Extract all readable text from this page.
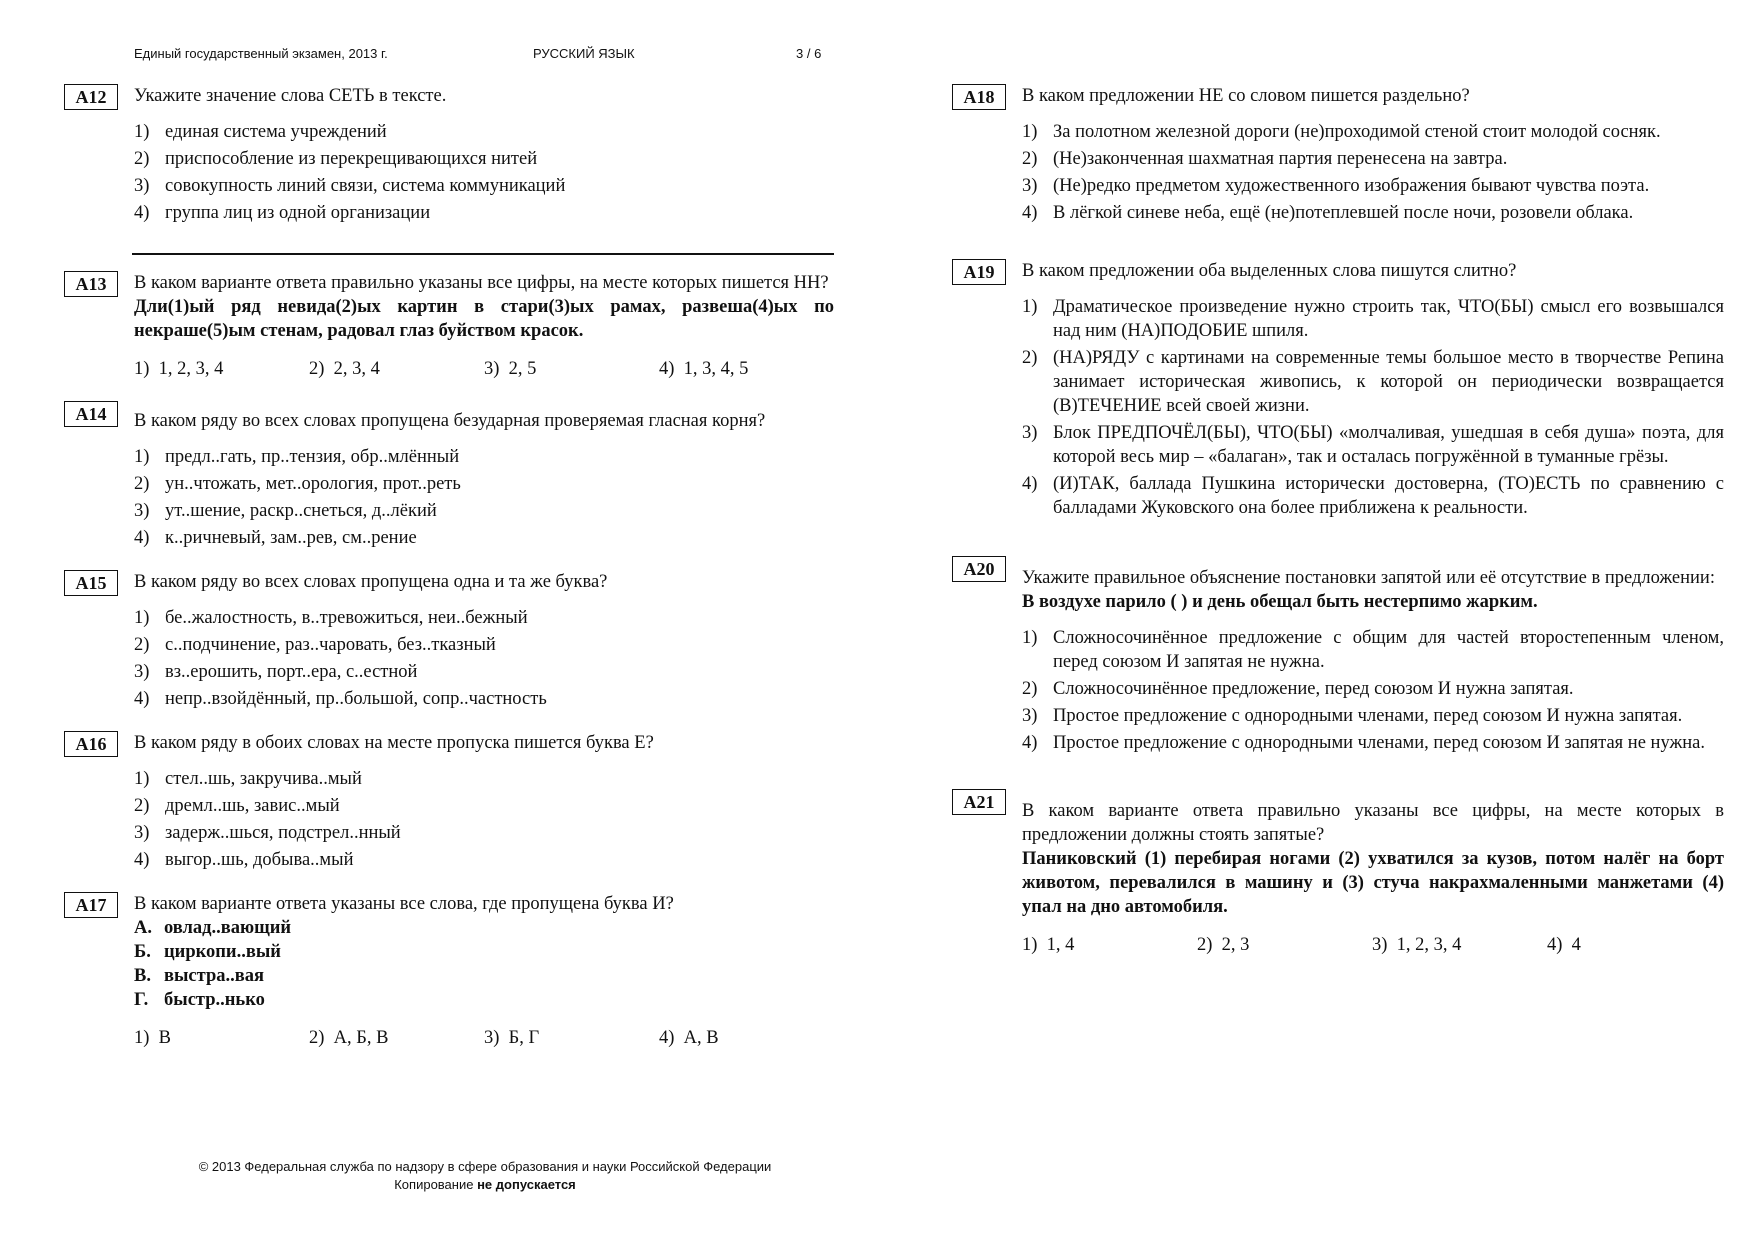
Единый государственный экзамен, 2013 г.	РУССКИЙ ЯЗЫК	3 / 6
А12	Укажите значение слова СЕТЬ в тексте.

1) единая система учреждений
2) приспособление из перекрещивающихся нитей
3) совокупность линий связи, система коммуникаций
4) группа лиц из одной организации
А13	В каком варианте ответа правильно указаны все цифры, на месте которых пишется НН?

Дли(1)ый ряд невида(2)ых картин в стари(3)ых рамах, развеша(4)ых по некраше(5)ым стенам, радовал глаз буйством красок.

1) 1, 2, 3, 4	2) 2, 3, 4	3) 2, 5	4) 1, 3, 4, 5
А14	В каком ряду во всех словах пропущена безударная проверяемая гласная корня?

1) предл..гать, пр..тензия, обр..млённый
2) ун..чтожать, мет..орология, прот..реть
3) ут..шение, раскр..снеться, д..лёкий
4) к..ричневый, зам..рев, см..рение
А15	В каком ряду во всех словах пропущена одна и та же буква?

1) бе..жалостность, в..тревожиться, неи..бежный
2) с..подчинение, раз..чаровать, без..тказный
3) вз..ерошить, порт..ера, с..естной
4) непр..взойдённый, пр..большой, сопр..частность
А16	В каком ряду в обоих словах на месте пропуска пишется буква Е?

1) стел..шь, закручива..мый
2) дремл..шь, завис..мый
3) задерж..шься, подстрел..нный
4) выгор..шь, добыва..мый
А17	В каком варианте ответа указаны все слова, где пропущена буква И?

А. овлад..вающий

Б. циркопи..вый

В. выстра..вая

Г. быстр..нько

1) В	2) А, Б, В	3) Б, Г	4) А, В
А18	В каком предложении НЕ со словом пишется раздельно?

1) За полотном железной дороги (не)проходимой стеной стоит молодой сосняк.
2) (Не)законченная шахматная партия перенесена на завтра.
3) (Не)редко предметом художественного изображения бывают чувства поэта.
4) В лёгкой синеве неба, ещё (не)потеплевшей после ночи, розовели облака.
А19	В каком предложении оба выделенных слова пишутся слитно?

1) Драматическое произведение нужно строить так, ЧТО(БЫ) смысл его возвышался над ним (НА)ПОДОБИЕ шпиля.
2) (НА)РЯДУ с картинами на современные темы большое место в творчестве Репина занимает историческая живопись, к которой он периодически возвращается (В)ТЕЧЕНИЕ всей своей жизни.
3) Блок ПРЕДПОЧЁЛ(БЫ), ЧТО(БЫ) «молчаливая, ушедшая в себя душа» поэта, для которой весь мир – «балаган», так и осталась погружённой в туманные грёзы.
4) (И)ТАК, баллада Пушкина исторически достоверна, (ТО)ЕСТЬ по сравнению с балладами Жуковского она более приближена к реальности.
А20	Укажите правильное объяснение постановки запятой или её отсутствие в предложении:

В воздухе парило ( ) и день обещал быть нестерпимо жарким.

1) Сложносочинённое предложение с общим для частей второстепенным членом, перед союзом И запятая не нужна.
2) Сложносочинённое предложение, перед союзом И нужна запятая.
3) Простое предложение с однородными членами, перед союзом И нужна запятая.
4) Простое предложение с однородными членами, перед союзом И запятая не нужна.
А21	В каком варианте ответа правильно указаны все цифры, на месте которых в предложении должны стоять запятые?

Паниковский (1) перебирая ногами (2) ухватился за кузов, потом налёг на борт животом, перевалился в машину и (3) стуча накрахмаленными манжетами (4) упал на дно автомобиля.

1) 1, 4	2) 2, 3	3) 1, 2, 3, 4	4) 4
© 2013 Федеральная служба по надзору в сфере образования и науки Российской Федерации
Копирование не допускается
